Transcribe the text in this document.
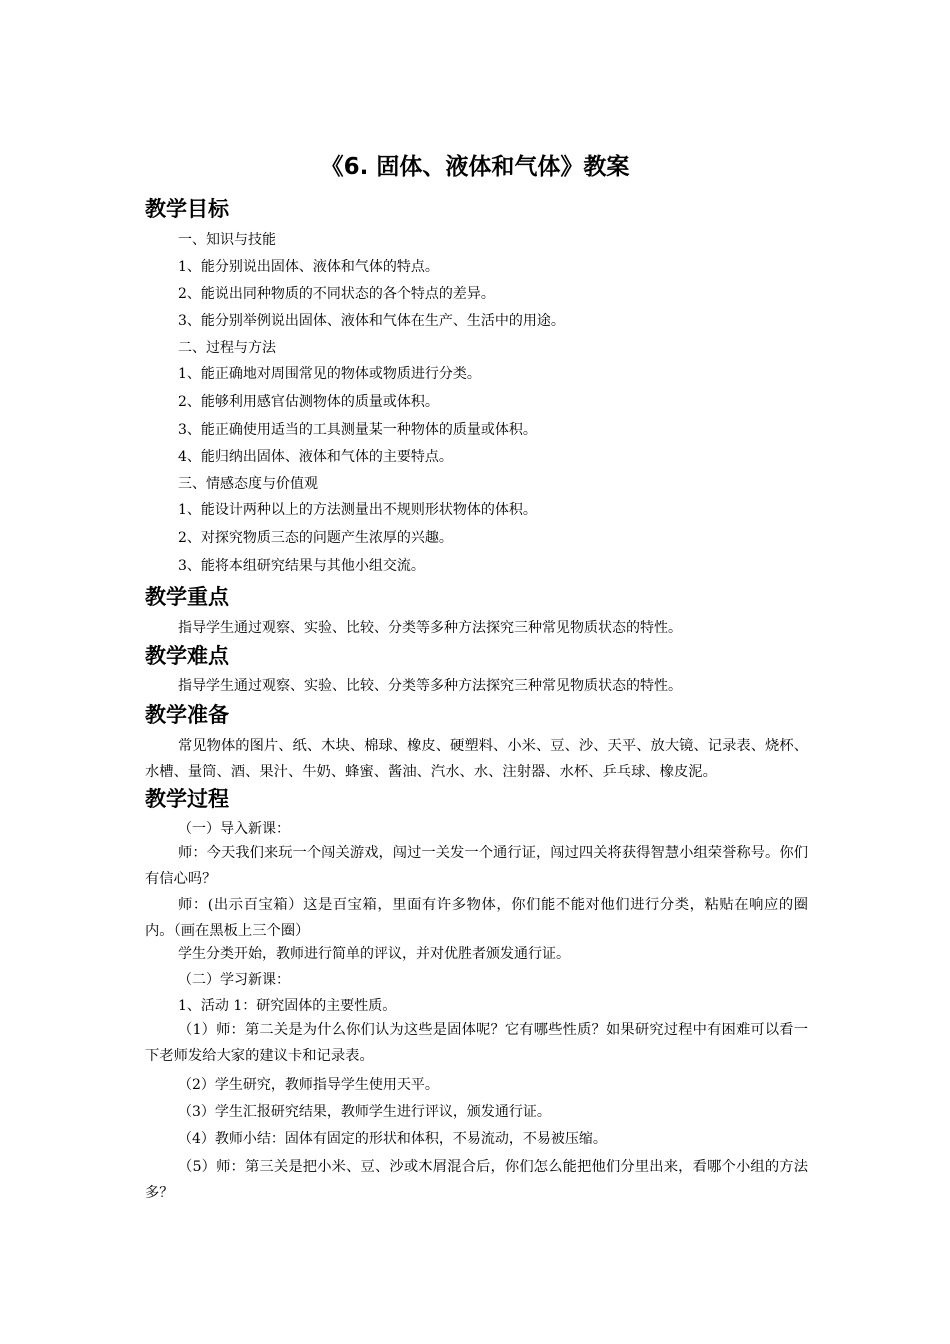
《6. 固体、液体和气体》教案
教学目标
一、知识与技能
1、能分别说出固体、液体和气体的特点。
2、能说出同种物质的不同状态的各个特点的差异。
3、能分别举例说出固体、液体和气体在生产、生活中的用途。
二、过程与方法
1、能正确地对周围常见的物体或物质进行分类。
2、能够利用感官估测物体的质量或体积。
3、能正确使用适当的工具测量某一种物体的质量或体积。
4、能归纳出固体、液体和气体的主要特点。
三、情感态度与价值观
1、能设计两种以上的方法测量出不规则形状物体的体积。
2、对探究物质三态的问题产生浓厚的兴趣。
3、能将本组研究结果与其他小组交流。
教学重点
指导学生通过观察、实验、比较、分类等多种方法探究三种常见物质状态的特性。
教学难点
指导学生通过观察、实验、比较、分类等多种方法探究三种常见物质状态的特性。
教学准备
常见物体的图片、纸、木块、棉球、橡皮、硬塑料、小米、豆、沙、天平、放大镜、记录表、烧杯、水槽、量筒、酒、果汁、牛奶、蜂蜜、酱油、汽水、水、注射器、水杯、乒乓球、橡皮泥。
教学过程
（一）导入新课：
师：今天我们来玩一个闯关游戏，闯过一关发一个通行证，闯过四关将获得智慧小组荣誉称号。你们有信心吗？
师：(出示百宝箱）这是百宝箱，里面有许多物体，你们能不能对他们进行分类，粘贴在响应的圈内。（画在黑板上三个圈）
学生分类开始，教师进行简单的评议，并对优胜者颁发通行证。
（二）学习新课：
1、活动 1：研究固体的主要性质。
（1）师：第二关是为什么你们认为这些是固体呢？它有哪些性质？如果研究过程中有困难可以看一下老师发给大家的建议卡和记录表。
（2）学生研究，教师指导学生使用天平。
（3）学生汇报研究结果，教师学生进行评议，颁发通行证。
（4）教师小结：固体有固定的形状和体积，不易流动，不易被压缩。
（5）师：第三关是把小米、豆、沙或木屑混合后，你们怎么能把他们分里出来，看哪个小组的方法多？
